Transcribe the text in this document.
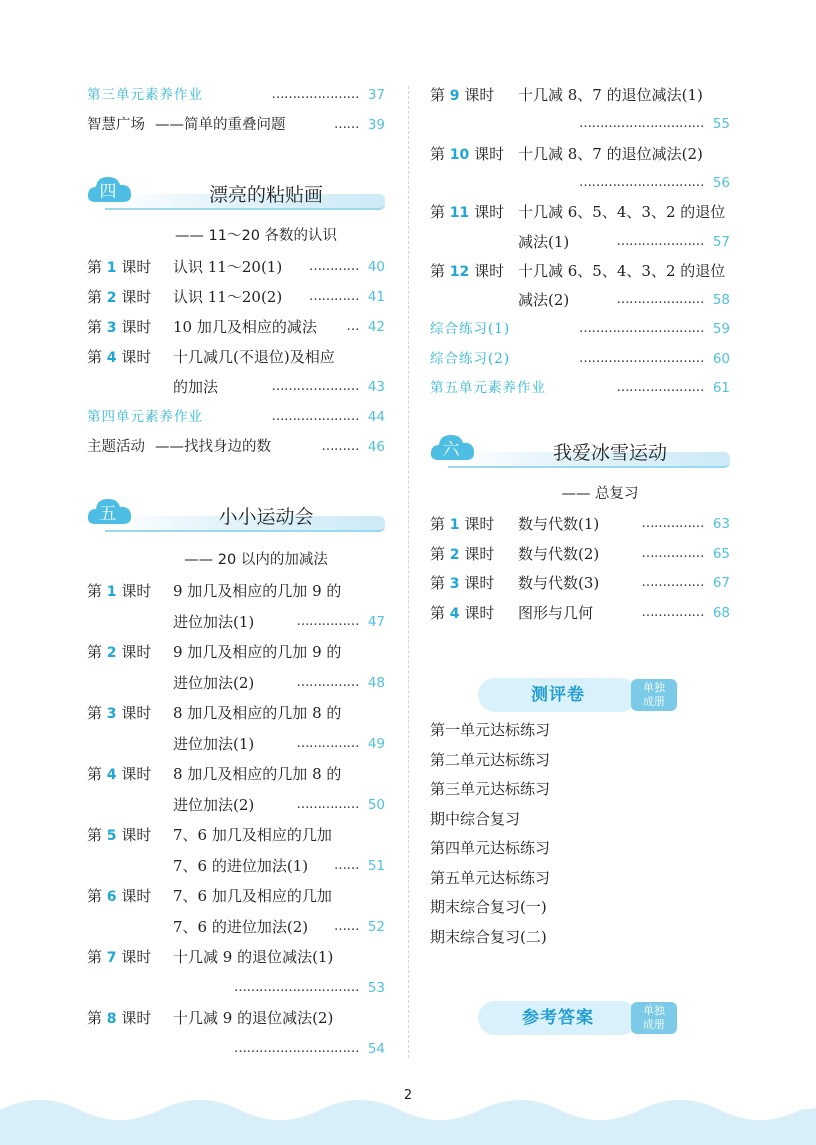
第三单元素养作业	………………… 37
智慧广场 ——简单的重叠问题	…… 39
四	漂亮的粘贴画
—— 11～20 各数的认识
第 1 课时 认识 11～20(1) ………… 40
第 2 课时 认识 11～20(2) ………… 41
第 3 课时 10 加几及相应的减法 … 42
第 4 课时 十几减几(不退位)及相应
的加法	………………… 43
第四单元素养作业	………………… 44
主题活动 ——找找身边的数	……… 46
五	小小运动会
—— 20 以内的加减法
第 1 课时 9 加几及相应的几加 9 的
进位加法(1)	…………… 47
第 2 课时 9 加几及相应的几加 9 的
进位加法(2)	…………… 48
第 3 课时 8 加几及相应的几加 8 的
进位加法(1)	…………… 49
第 4 课时 8 加几及相应的几加 8 的
进位加法(2)	…………… 50
第 5 课时 7、6 加几及相应的几加
7、6 的进位加法(1) …… 51
第 6 课时 7、6 加几及相应的几加
7、6 的进位加法(2) …… 52
第 7 课时 十几减 9 的退位减法(1)
………………………… 53
第 8 课时 十几减 9 的退位减法(2)
………………………… 54
第 9 课时 十几减 8、7 的退位减法(1)
………………………… 55
第 10 课时 十几减 8、7 的退位减法(2)
………………………… 56
第 11 课时 十几减 6、5、4、3、2 的退位
减法(1)	………………… 57
第 12 课时 十几减 6、5、4、3、2 的退位
减法(2)	………………… 58
综合练习(1)	………………………… 59
综合练习(2)	………………………… 60
第五单元素养作业	………………… 61
六	我爱冰雪运动
—— 总复习
第 1 课时 数与代数(1)	…………… 63
第 2 课时 数与代数(2)	…………… 65
第 3 课时 数与代数(3)	…………… 67
第 4 课时 图形与几何	…………… 68
测评卷	单独
成册
第一单元达标练习
第二单元达标练习
第三单元达标练习
期中综合复习
第四单元达标练习
第五单元达标练习
期末综合复习(一)
期末综合复习(二)
参考答案	单独
成册
2
